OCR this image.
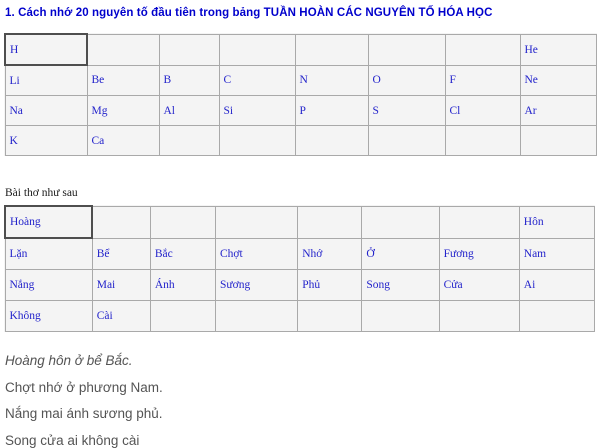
1. Cách nhớ 20 nguyên tố đầu tiên trong bảng TUẦN HOÀN CÁC NGUYÊN TỐ HÓA HỌC

H							He
Li	Be	B	C	N	O	F	Ne
Na	Mg	Al	Si	P	S	Cl	Ar
K	Ca						

Bài thơ như sau

Hoàng							Hôn
Lặn	Bể	Bắc	Chợt	Nhớ	Ở	Fương	Nam
Nắng	Mai	Ánh	Sương	Phủ	Song	Cửa	Ai
Không	Cài						

Hoàng hôn ở bể Bắc.

Chợt nhớ ở phương Nam.

Nắng mai ánh sương phủ.

Song cửa ai không cài
